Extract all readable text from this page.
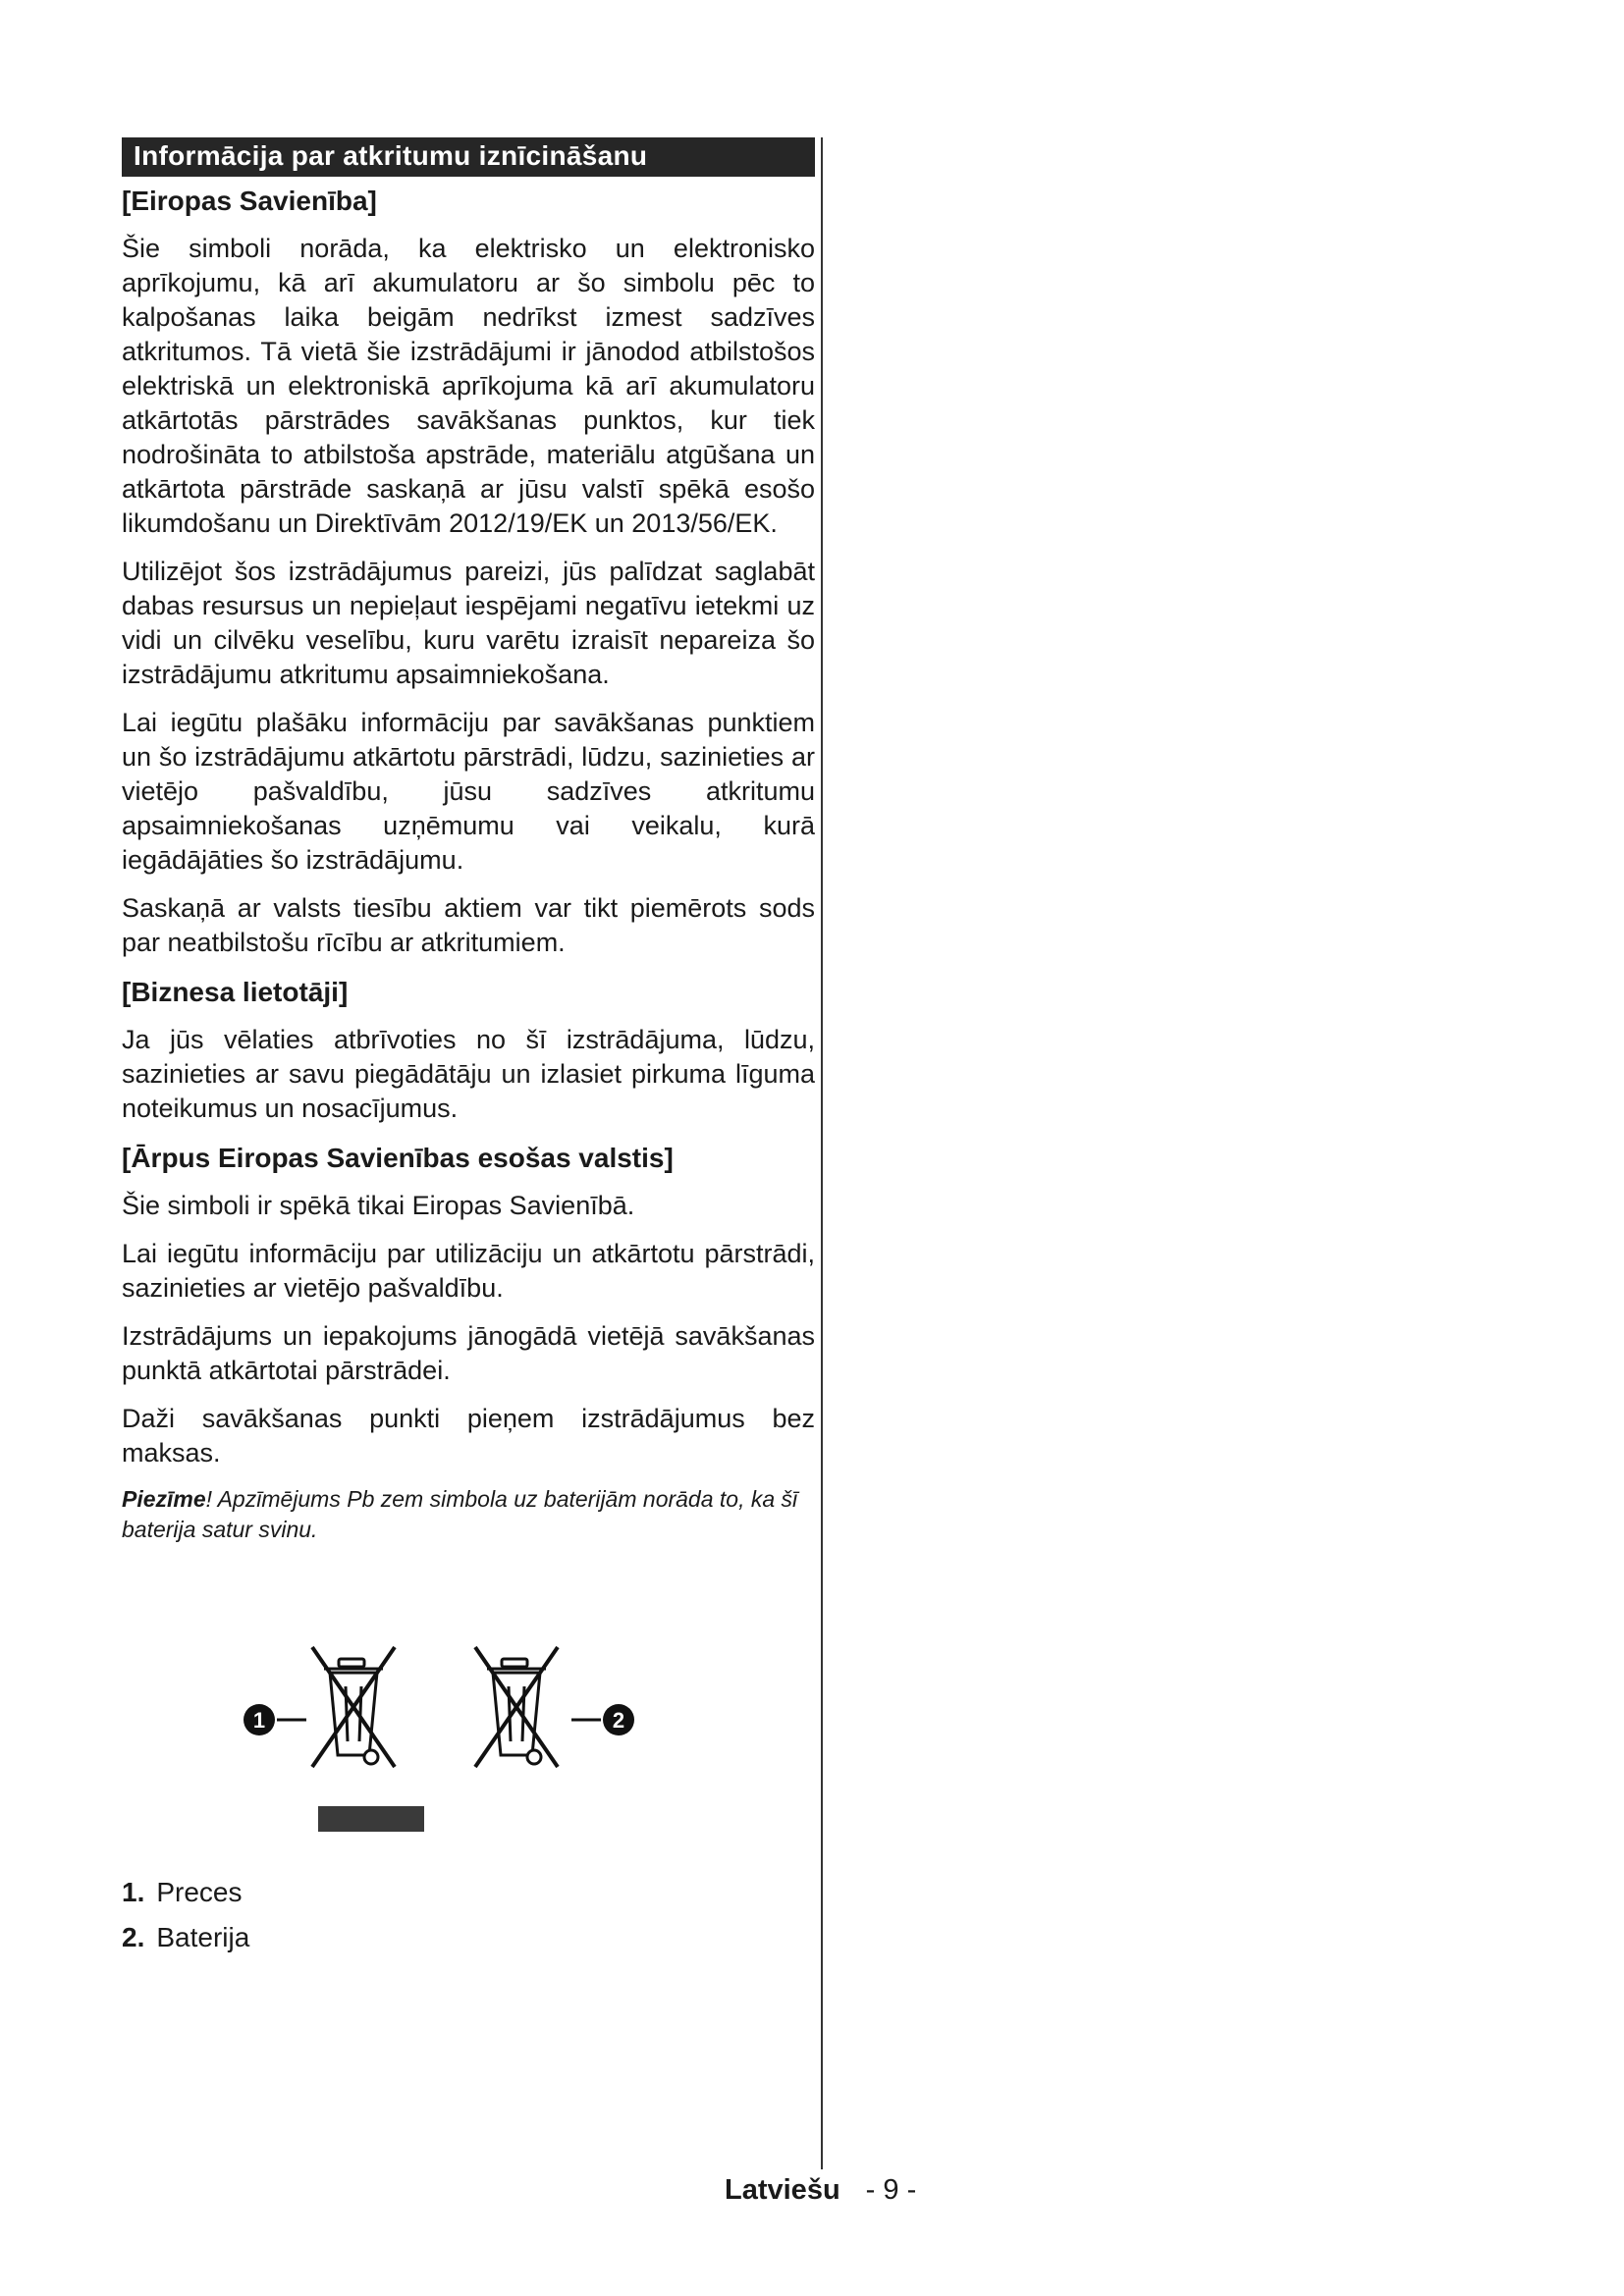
Informācija par atkritumu iznīcināšanu
[Eiropas Savienība]

Šie simboli norāda, ka elektrisko un elektronisko aprīkojumu, kā arī akumulatoru ar šo simbolu pēc to kalpošanas laika beigām nedrīkst izmest sadzīves atkritumos. Tā vietā šie izstrādājumi ir jānodod atbilstošos elektriskā un elektroniskā aprīkojuma kā arī akumulatoru atkārtotās pārstrādes savākšanas punktos, kur tiek nodrošināta to atbilstoša apstrāde, materiālu atgūšana un atkārtota pārstrāde saskaņā ar jūsu valstī spēkā esošo likumdošanu un Direktīvām 2012/19/EK un 2013/56/EK.

Utilizējot šos izstrādājumus pareizi, jūs palīdzat saglabāt dabas resursus un nepieļaut iespējami negatīvu ietekmi uz vidi un cilvēku veselību, kuru varētu izraisīt nepareiza šo izstrādājumu atkritumu apsaimniekošana.

Lai iegūtu plašāku informāciju par savākšanas punktiem un šo izstrādājumu atkārtotu pārstrādi, lūdzu, sazinieties ar vietējo pašvaldību, jūsu sadzīves atkritumu apsaimniekošanas uzņēmumu vai veikalu, kurā iegādājāties šo izstrādājumu.

Saskaņā ar valsts tiesību aktiem var tikt piemērots sods par neatbilstošu rīcību ar atkritumiem.

[Biznesa lietotāji]

Ja jūs vēlaties atbrīvoties no šī izstrādājuma, lūdzu, sazinieties ar savu piegādātāju un izlasiet pirkuma līguma noteikumus un nosacījumus.

[Ārpus Eiropas Savienības esošas valstis]

Šie simboli ir spēkā tikai Eiropas Savienībā.

Lai iegūtu informāciju par utilizāciju un atkārtotu pārstrādi, sazinieties ar vietējo pašvaldību.

Izstrādājums un iepakojums jānogādā vietējā savākšanas punktā atkārtotai pārstrādei.

Daži savākšanas punkti pieņem izstrādājumus bez maksas.

Piezīme! Apzīmējums Pb zem simbola uz baterijām norāda to, ka šī baterija satur svinu.

1	2
1. Preces
2. Baterija
Latviešu - 9 -
